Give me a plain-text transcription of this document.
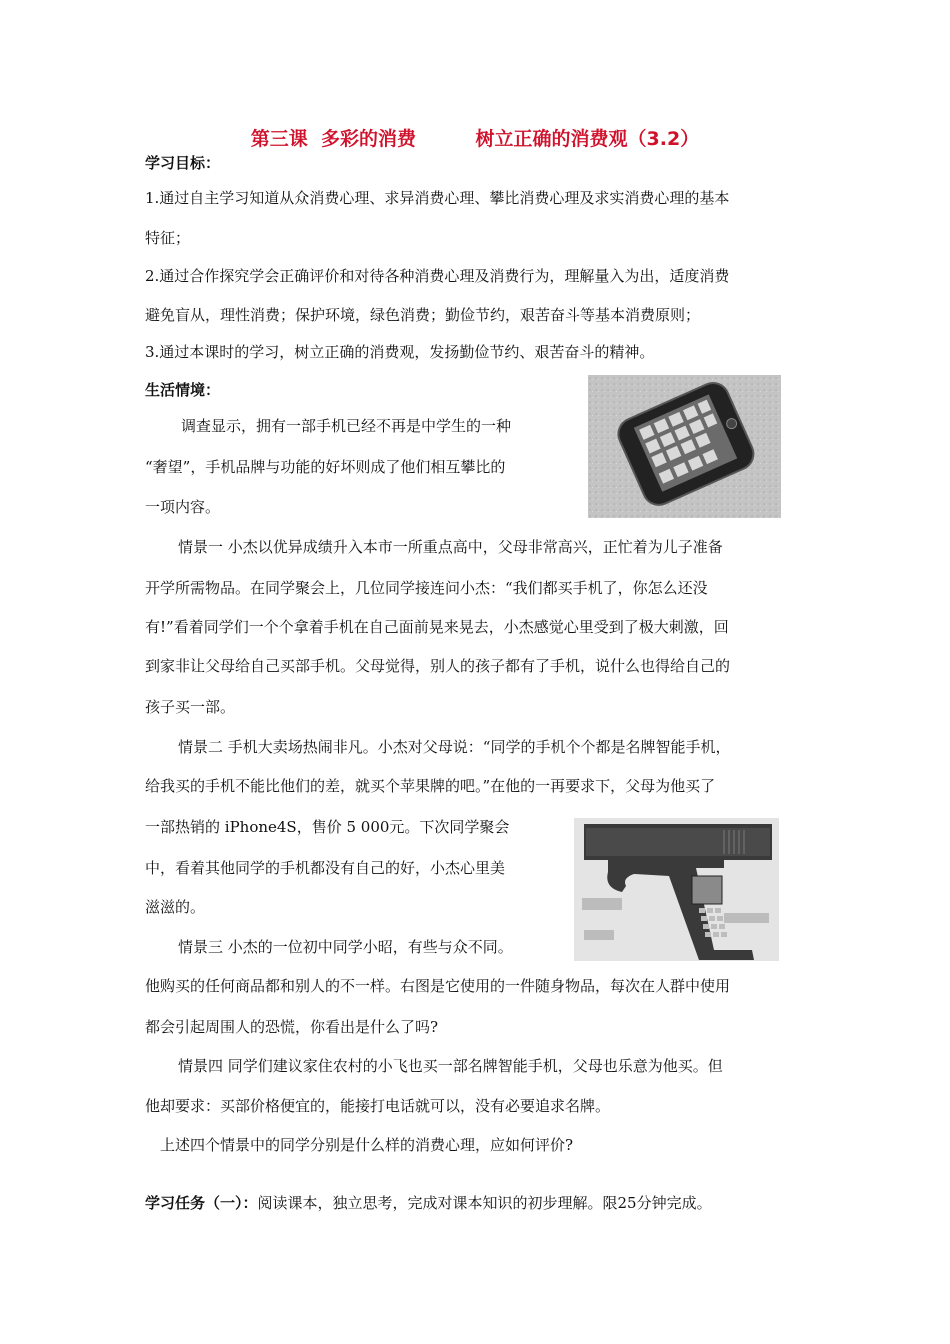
第三课  多彩的消费         树立正确的消费观（3.2）
学习目标：
1.通过自主学习知道从众消费心理、求异消费心理、攀比消费心理及求实消费心理的基本
特征；
2.通过合作探究学会正确评价和对待各种消费心理及消费行为，理解量入为出，适度消费
避免盲从，理性消费；保护环境，绿色消费；勤俭节约，艰苦奋斗等基本消费原则；
3.通过本课时的学习，树立正确的消费观，发扬勤俭节约、艰苦奋斗的精神。
生活情境：
调查显示，拥有一部手机已经不再是中学生的一种
“奢望”，手机品牌与功能的好坏则成了他们相互攀比的
一项内容。
情景一 小杰以优异成绩升入本市一所重点高中，父母非常高兴，正忙着为儿子准备
开学所需物品。在同学聚会上，几位同学接连问小杰：“我们都买手机了，你怎么还没
有!”看着同学们一个个拿着手机在自己面前晃来晃去，小杰感觉心里受到了极大刺激，回
到家非让父母给自己买部手机。父母觉得，别人的孩子都有了手机，说什么也得给自己的
孩子买一部。
情景二 手机大卖场热闹非凡。小杰对父母说：“同学的手机个个都是名牌智能手机，
给我买的手机不能比他们的差，就买个苹果牌的吧。”在他的一再要求下，父母为他买了
一部热销的 iPhone4S，售价 5 000元。下次同学聚会
中，看着其他同学的手机都没有自己的好，小杰心里美
滋滋的。
情景三 小杰的一位初中同学小昭，有些与众不同。
他购买的任何商品都和别人的不一样。右图是它使用的一件随身物品，每次在人群中使用
都会引起周围人的恐慌，你看出是什么了吗?
情景四 同学们建议家住农村的小飞也买一部名牌智能手机，父母也乐意为他买。但
他却要求：买部价格便宜的，能接打电话就可以，没有必要追求名牌。
上述四个情景中的同学分别是什么样的消费心理，应如何评价?
学习任务（一）：阅读课本，独立思考，完成对课本知识的初步理解。限25分钟完成。
